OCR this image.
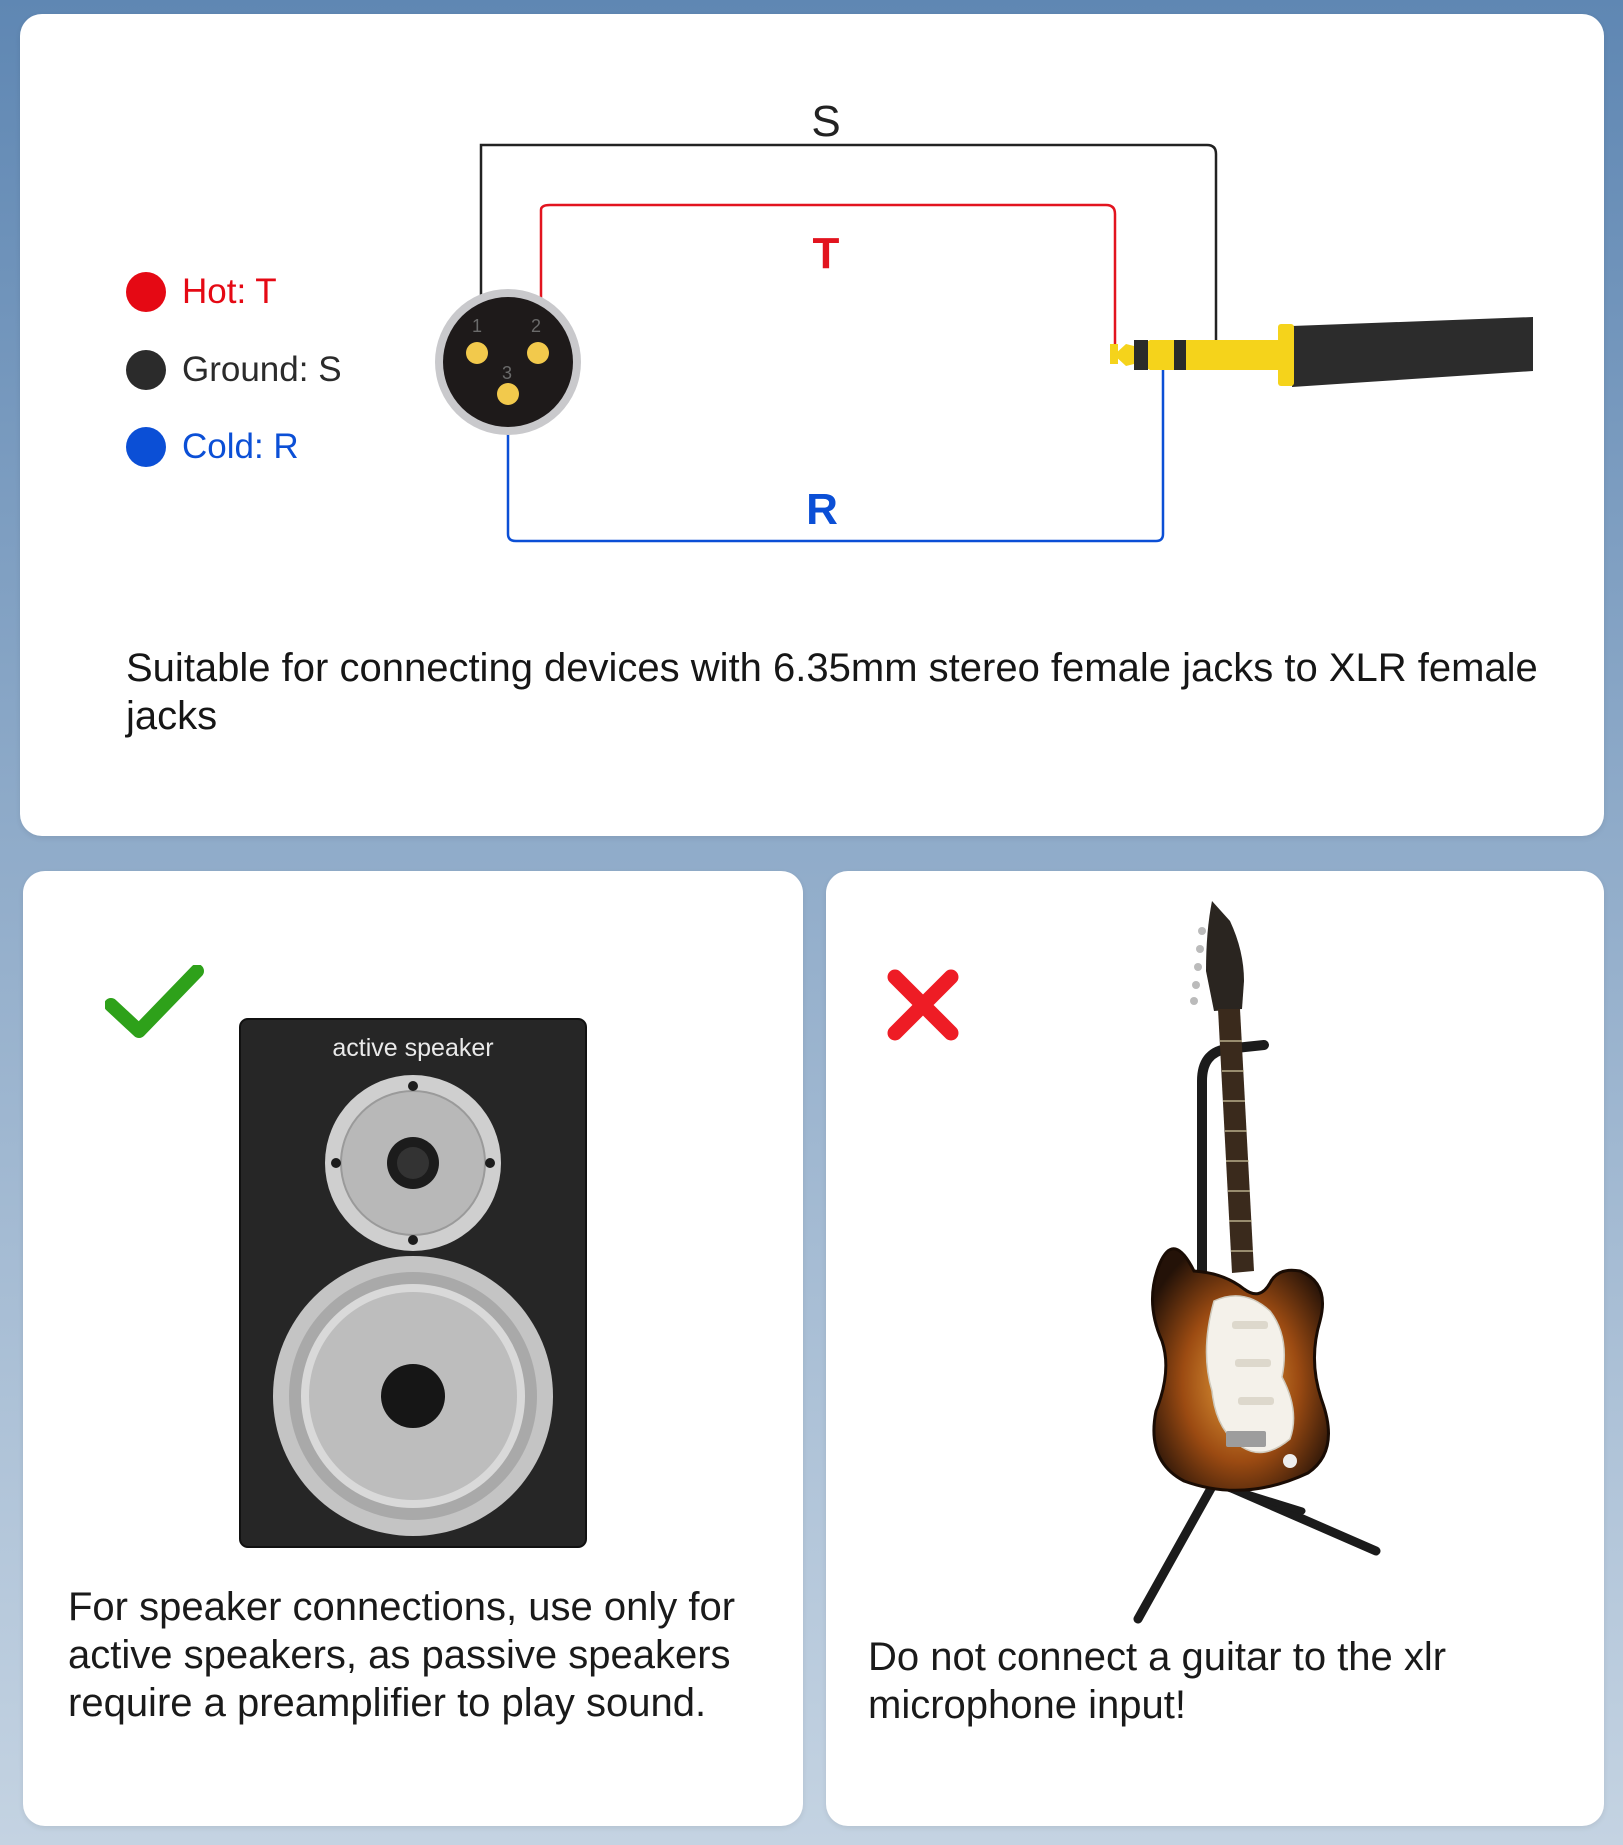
Hot: T
Ground: S
Cold: R
S
T
R
1	2
3
Suitable for connecting devices with 6.35mm stereo female jacks to XLR female jacks
active speaker
For speaker connections, use only for active speakers, as passive speakers require a preamplifier to play sound.
Do not connect a guitar to the xlr microphone input!
